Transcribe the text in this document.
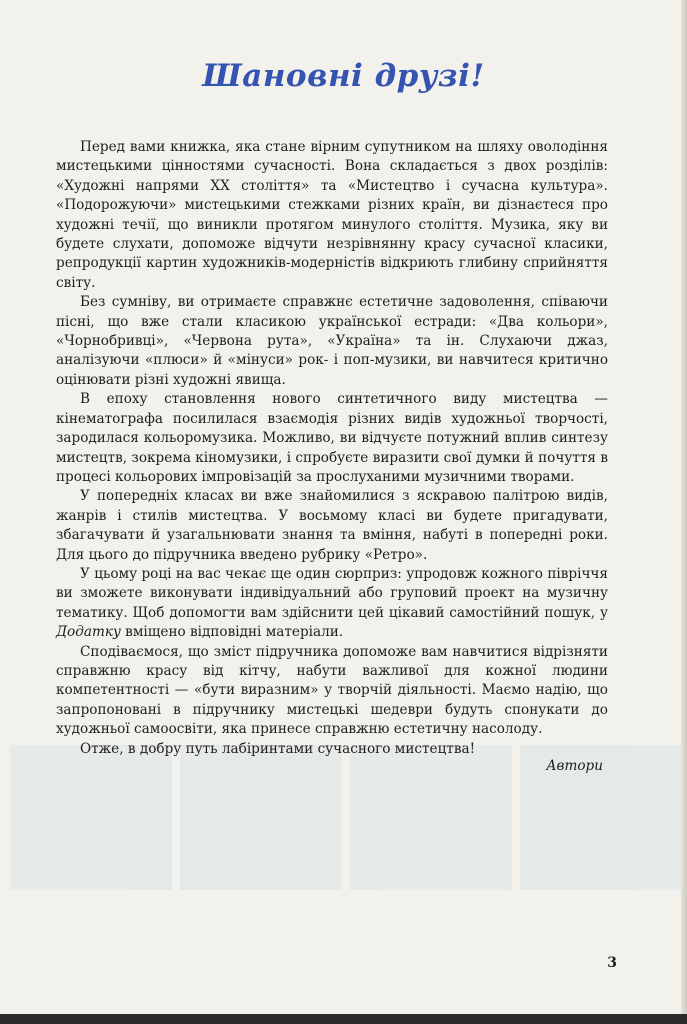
Шановні друзі!

Перед вами книжка, яка стане вірним супутником на шляху оволодіння мистецькими цінностями сучасності. Вона складається з двох розділів: «Художні напрями ХХ століття» та «Мистецтво і сучасна культура». «Подорожуючи» мистецькими стежками різних країн, ви дізнаєтеся про художні течії, що виникли протягом минулого століття. Музика, яку ви будете слухати, допоможе відчути незрівнянну красу сучасної класики, репродукції картин художників-модерністів відкриють глибину сприйняття світу.

Без сумніву, ви отримаєте справжнє естетичне задоволення, співаючи пісні, що вже стали класикою української естради: «Два кольори», «Чорнобривці», «Червона рута», «Україна» та ін. Слухаючи джаз, аналізуючи «плюси» й «мінуси» рок- і поп-музики, ви навчитеся критично оцінювати різні художні явища.

В епоху становлення нового синтетичного виду мистецтва — кінематографа посилилася взаємодія різних видів художньої творчості, зародилася кольоромузика. Можливо, ви відчуєте потужний вплив синтезу мистецтв, зокрема кіномузики, і спробуєте виразити свої думки й почуття в процесі кольорових імпровізацій за прослуханими музичними творами.

У попередніх класах ви вже знайомилися з яскравою палітрою видів, жанрів і стилів мистецтва. У восьмому класі ви будете пригадувати, збагачувати й узагальнювати знання та вміння, набуті в попередні роки. Для цього до підручника введено рубрику «Ретро».

У цьому році на вас чекає ще один сюрприз: упродовж кожного півріччя ви зможете виконувати індивідуальний або груповий проект на музичну тематику. Щоб допомогти вам здійснити цей цікавий самостійний пошук, у Додатку вміщено відповідні матеріали.

Сподіваємося, що зміст підручника допоможе вам навчитися відрізняти справжню красу від кітчу, набути важливої для кожної людини компетентності — «бути виразним» у творчій діяльності. Маємо надію, що запропоновані в підручнику мистецькі шедеври будуть спонукати до художньої самоосвіти, яка принесе справжню естетичну насолоду.

Отже, в добру путь лабіринтами сучасного мистецтва!

Автори
3
